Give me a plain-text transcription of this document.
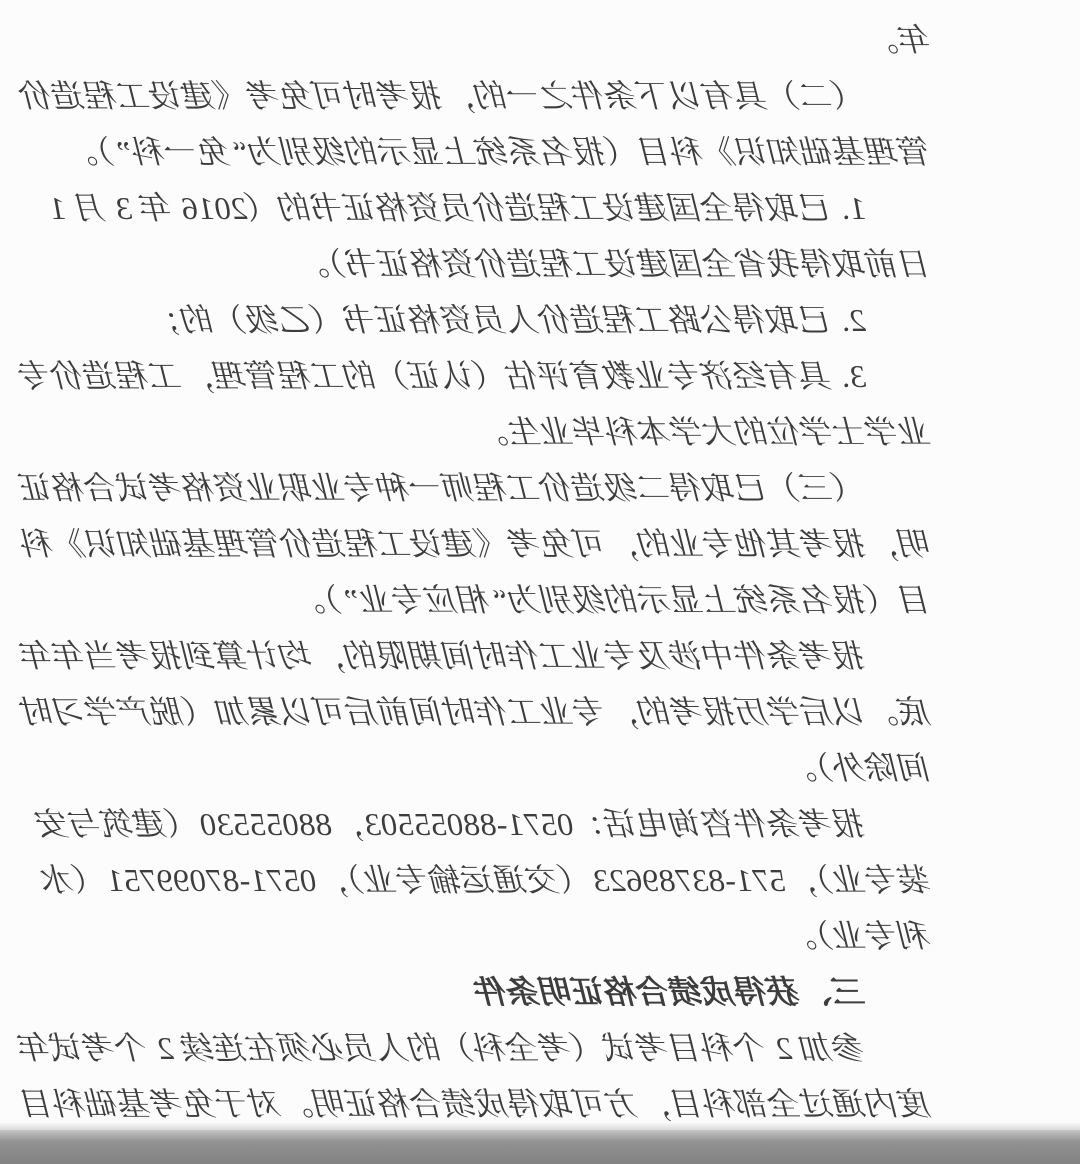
年。
（二）具有以下条件之一的，报考时可免考《建设工程造价
管理基础知识》科目（报名系统上显示的级别为“免一科”）。
1. 已取得全国建设工程造价员资格证书的（2016 年 3 月 1
日前取得我省全国建设工程造价资格证书）。
2. 已取得公路工程造价人员资格证书（乙级）的；
3. 具有经济专业教育评估（认证）的工程管理，工程造价专
业学士学位的大学本科毕业生。
（三）已取得二级造价工程师一种专业职业资格考试合格证
明，报考其他专业的，可免考《建设工程造价管理基础知识》科
目（报名系统上显示的级别为“相应专业”）。
报考条件中涉及专业工作时间期限的，均计算到报考当年年
底。以后学历报考的，专业工作时间前后可以累加（脱产学习时
间除外）。
报考条件咨询电话：0571-88055503，88055530（建筑与安
装专业），571-83789623（交通运输专业），0571-87099751（水
利专业）。
三、获得成绩合格证明条件
参加 2 个科目考试（考全科）的人员必须在连续 2 个考试年
度内通过全部科目，方可取得成绩合格证明。对于免考基础科目
